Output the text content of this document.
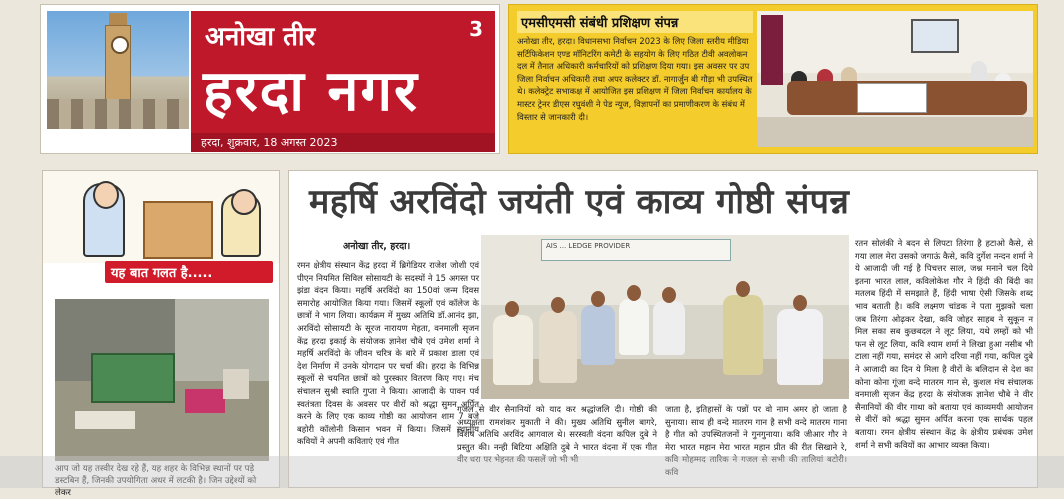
अनोखा तीर	3
हरदा नगर
हरदा, शुक्रवार, 18 अगस्त 2023
एमसीएमसी संबंधी प्रशिक्षण संपन्न
अनोखा तीर, हरदा। विधानसभा निर्वाचन 2023 के लिए जिला स्तरीय मीडिया सर्टिफिकेशन एण्ड मॉनिटरिंग कमेटी के सहयोग के लिए गठित टीवी अवलोकन दल में तैनात अधिकारी कर्मचारियों को प्रशिक्षण दिया गया। इस अवसर पर उप जिला निर्वाचन अधिकारी तथा अपर कलेक्टर डॉ. नागार्जुन बी गौड़ा भी उपस्थित थे। कलेक्ट्रेट सभाकक्ष में आयोजित इस प्रशिक्षण में जिला निर्वाचन कार्यालय के मास्टर ट्रेनर डीएस रघुवंशी ने पेड न्यूज, विज्ञापनों का प्रमाणीकरण के संबंध में विस्तार से जानकारी दी।
यह बात गलत है.....
आप जो यह तस्वीर देख रहे हैं, यह शहर के विभिन्न स्थानों पर पड़े डस्टबिन हैं, जिनकी उपयोगिता अधर में लटकी है। जिन उद्देश्यों को लेकर
महर्षि अरविंदो जयंती एवं काव्य गोष्ठी संपन्न
अनोखा तीर, हरदा।
रमन क्षेत्रीय संस्थान केंद्र हरदा में ब्रिगेडियर राजेश जोशी एवं पीएन नियमित सिविल सोसायटी के सदस्यों ने 15 अगस्त पर झंडा वंदन किया। महर्षि अरविंदो का 150वां जन्म दिवस समारोह आयोजित किया गया। जिसमें स्कूलों एवं कॉलेज के छात्रों ने भाग लिया। कार्यक्रम में मुख्य अतिथि डॉ.आनंद झा, अरविंदो सोसायटी के सूरज नारायण मेहता, वनमाली सृजन केंद्र हरदा इकाई के संयोजक ज्ञानेश चौबे एवं उमेश शर्मा ने महर्षि अरविंदो के जीवन चरित्र के बारे में प्रकाश डाला एवं देश निर्माण में उनके योगदान पर चर्चा की। हरदा के विभिन्न स्कूलों से चयनित छात्रों को पुरस्कार वितरण किए गए। मंच संचालन सुश्री स्वाति गुप्ता ने किया। आजादी के पावन पर्व स्वतंत्रता दिवस के अवसर पर वीरों को श्रद्धा सुमन अर्पित करने के लिए एक काव्य गोष्ठी का आयोजन शाम 7 बजे बहोरी कॉलोनी किसान भवन में किया। जिसमें स्थानीय कवियों ने अपनी कविताएं एवं गीत
AIS ... LEDGE PROVIDER
गजल से वीर सैनानियों को याद कर श्रद्धांजलि दी। गोष्ठी की अध्यक्षता रामशंकर मुकाती ने की। मुख्य अतिथि सुनील बागरे, विशेष अतिथि अरविंद आगवाल थे। सरस्वती वंदना कपिल दुबे ने प्रस्तुत की। नन्ही बिटिया अक्षिति दुबे ने भारत वंदना में एक गीत वीर धरा पर भेहनत की फसलें जो भी भी
जाता है, इतिहासों के पन्नों पर वो नाम अमर हो जाता है सुनाया। साथ ही वन्दे मातरम गान है सभी वन्दे मातरम गाना है गीत को उपस्थितजनों ने गुनगुनाया। कवि जीआर गौर ने मेरा भारत महान मेरा भारत महान प्रीत की रीत सिखाने रे, कवि मोहम्मद तारिक ने गजल से सभी की तालियां बटोरी। कवि
रतन सोलंकी ने बदन से लिपटा तिरंगा है हटाओ कैसे, से गया लाल मेरा उसको जगाऊं कैसे, कवि दुर्गेश नन्दन शर्मा ने ये आजादी जी गई है पिचत्तर साल, जश्न मनाने चल दिये इतना भारत लाल, कविलोकेश गौर ने हिंदी की बिंदी का मतलब हिंदी में समझाते हैं, हिंदी भाषा ऐसी जिसके शब्द भाव बताती है। कवि लक्ष्मण चांडक ने पता मुझको चला जब तिरंगा ओढ़कर देखा, कवि जोहर साहब ने सुकून न मिल सका सब कुछबदल ने लूट लिया, यथे लम्हों को भी फन से लूट लिया, कवि श्याम शर्मा ने लिखा हुआ नसीब भी टाला नहीं गया, समंदर से आगे दरिया नहीं गया, कपिल दुबे ने आजादी का दिन ये मिला है वीरों के बलिदान से देश का कोना कोना गूंजा वन्दे मातरम गान से, कुशल मंच संचालक वनमाली सृजन केंद्र हरदा के संयोजक ज्ञानेश चौबे ने वीर सैनानियों की वीर गाथा को बताया एवं काव्यमयी आयोजन से वीरों को श्रद्धा सुमन अर्पित करना एक सार्थक पहल बताया। रमन क्षेत्रीय संस्थान केंद्र के क्षेत्रीय प्रबंधक उमेश शर्मा ने सभी कवियों का आभार व्यक्त किया।
